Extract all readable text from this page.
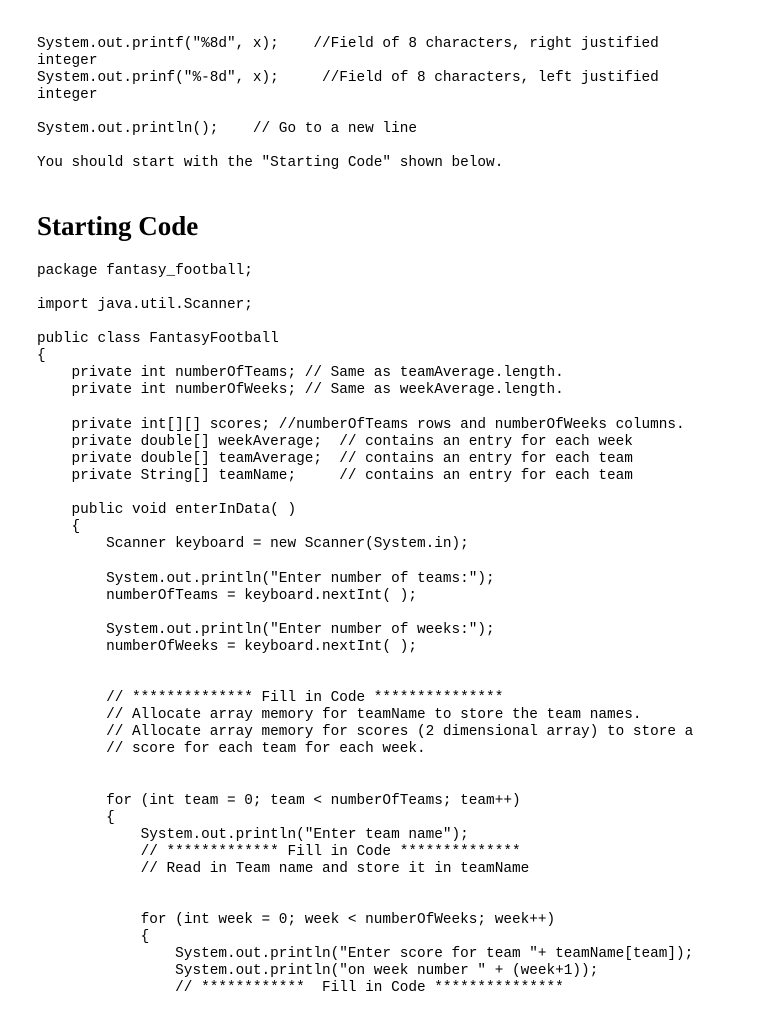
System.out.printf("%8d", x);    //Field of 8 characters, right justified
integer
System.out.prinf("%-8d", x);     //Field of 8 characters, left justified
integer
System.out.println();    // Go to a new line
You should start with the "Starting Code" shown below.
Starting Code
package fantasy_football;
import java.util.Scanner;
public class FantasyFootball
{
private int numberOfTeams; // Same as teamAverage.length.
private int numberOfWeeks; // Same as weekAverage.length.
private int[][] scores; //numberOfTeams rows and numberOfWeeks columns.
private double[] weekAverage;  // contains an entry for each week
private double[] teamAverage;  // contains an entry for each team
private String[] teamName;     // contains an entry for each team
public void enterInData( )
{
Scanner keyboard = new Scanner(System.in);
System.out.println("Enter number of teams:");
numberOfTeams = keyboard.nextInt( );
System.out.println("Enter number of weeks:");
numberOfWeeks = keyboard.nextInt( );
// ************** Fill in Code ***************
// Allocate array memory for teamName to store the team names.
// Allocate array memory for scores (2 dimensional array) to store a
// score for each team for each week.
for (int team = 0; team < numberOfTeams; team++)
{
System.out.println("Enter team name");
// ************* Fill in Code **************
// Read in Team name and store it in teamName
for (int week = 0; week < numberOfWeeks; week++)
{
System.out.println("Enter score for team "+ teamName[team]);
System.out.println("on week number " + (week+1));
// ************  Fill in Code ***************
